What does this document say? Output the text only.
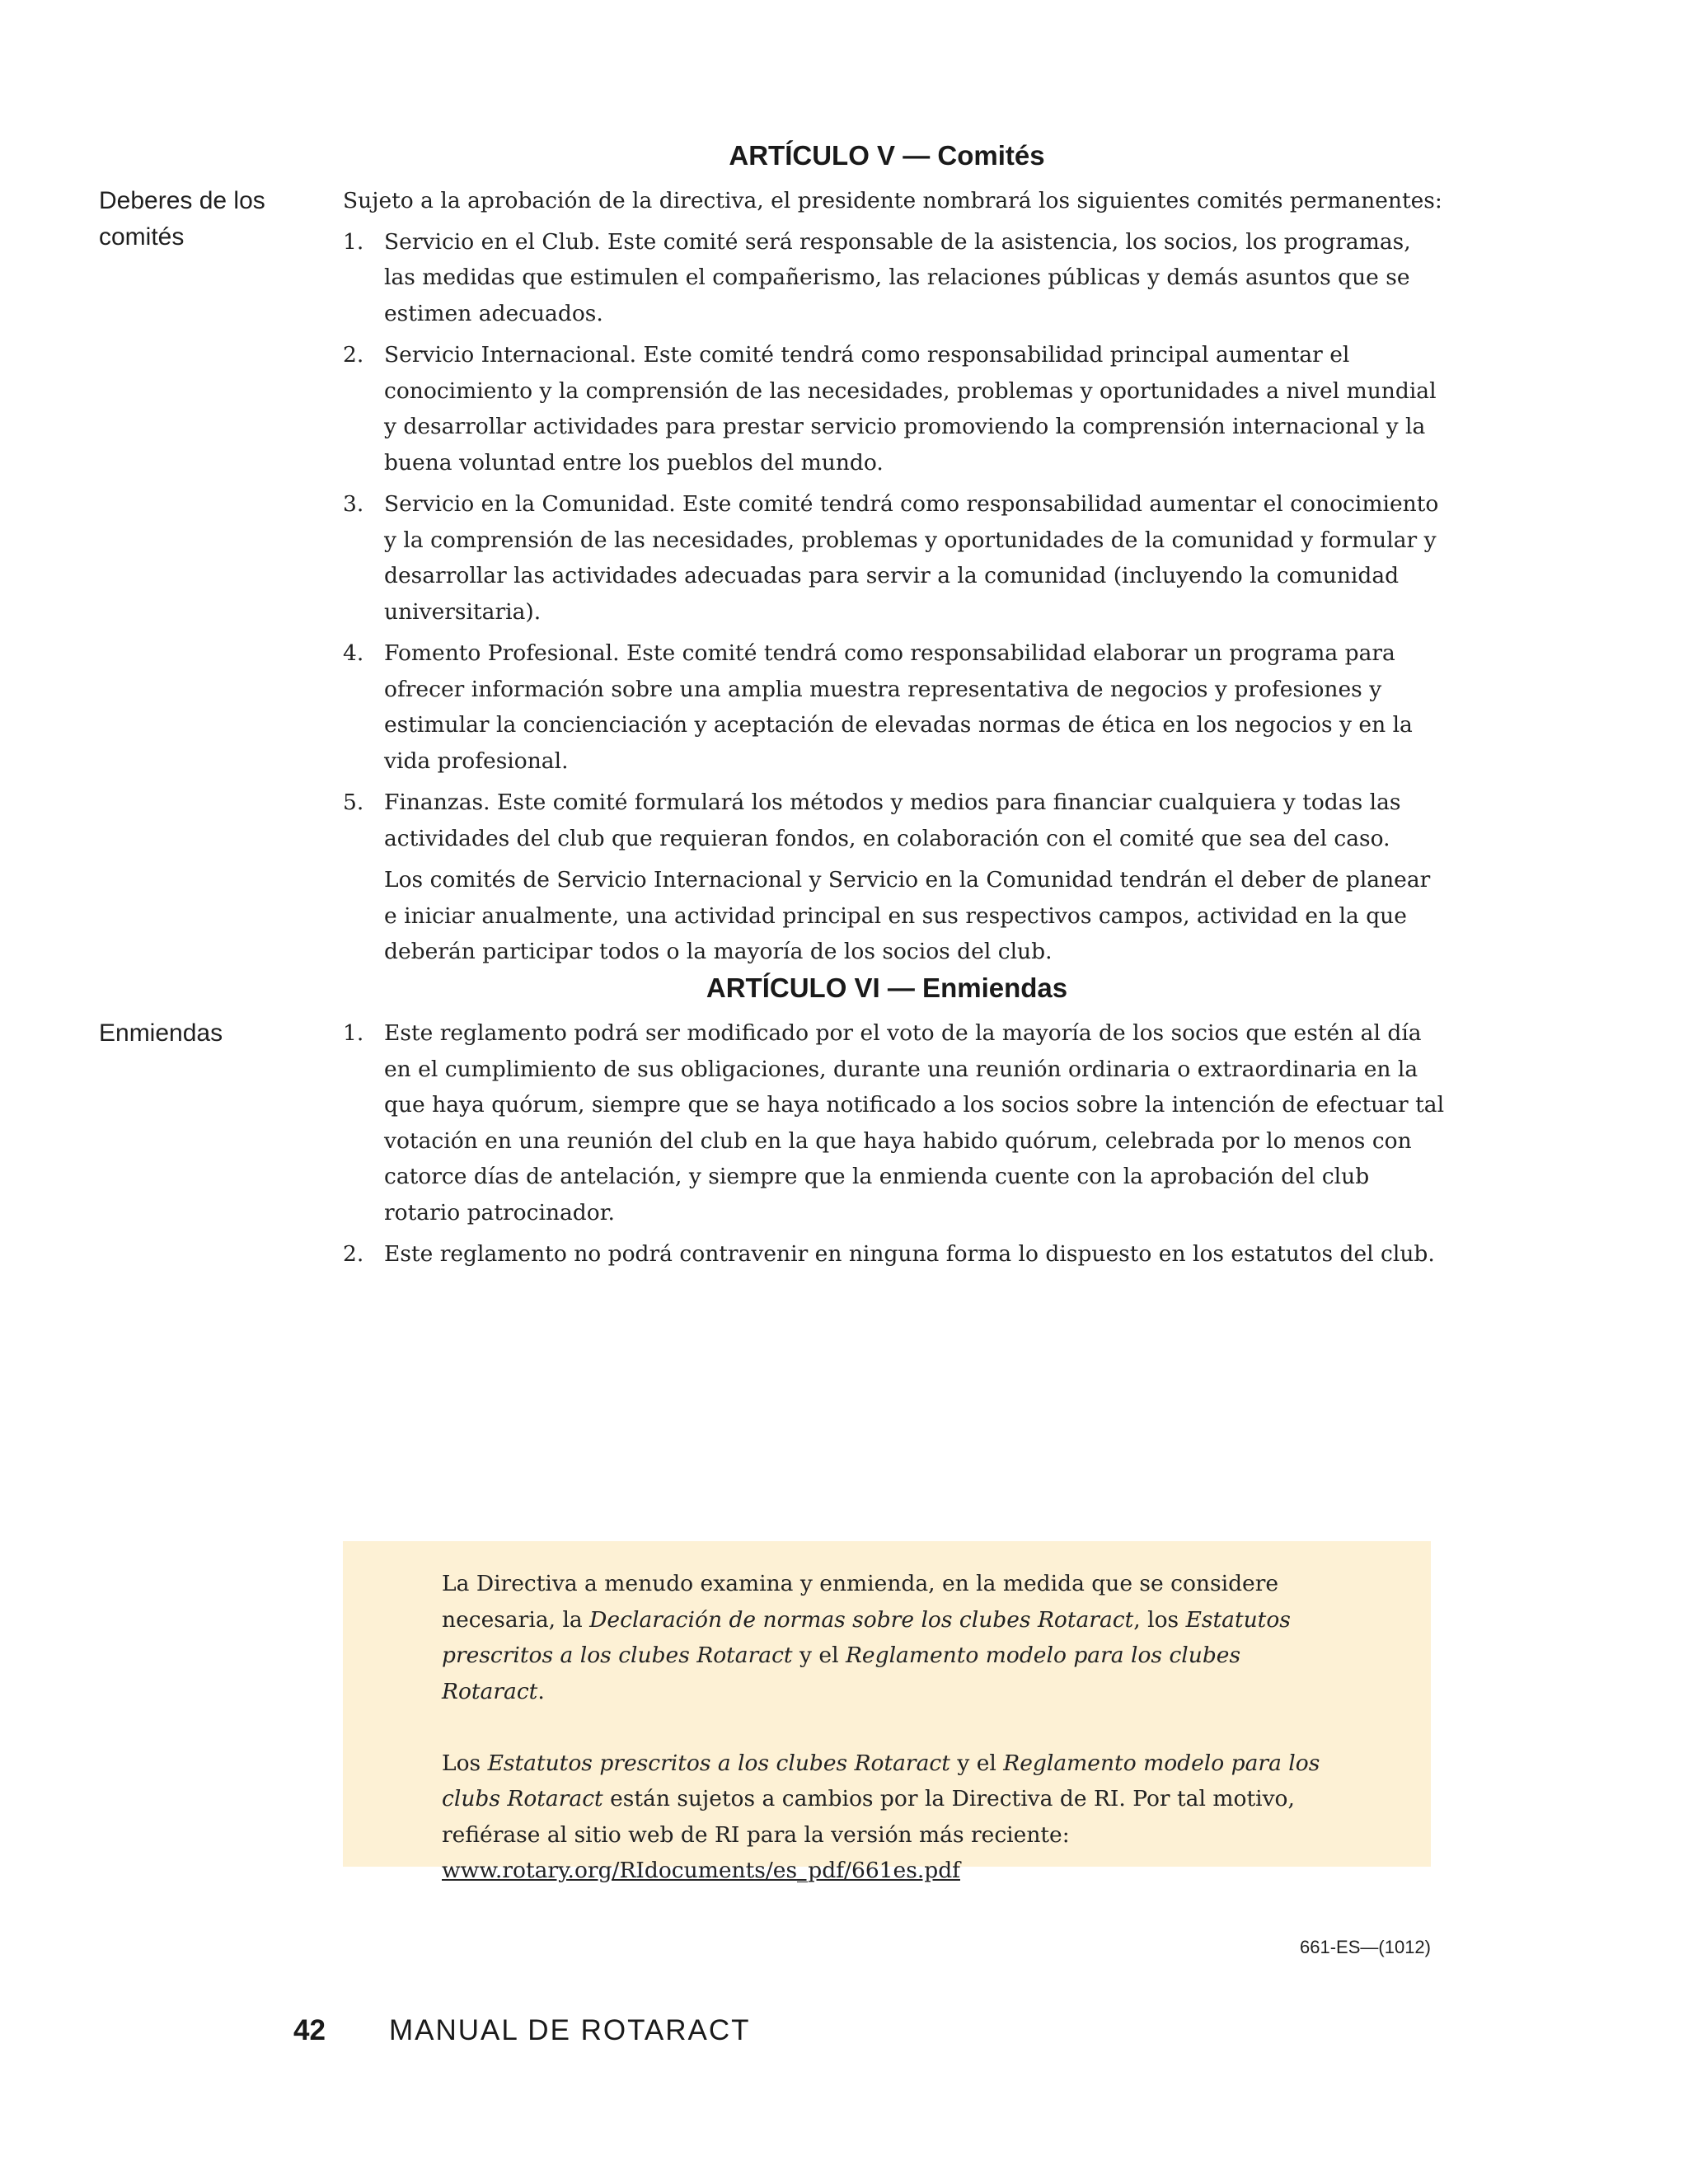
ARTÍCULO V — Comités
Deberes de los comités

Sujeto a la aprobación de la directiva, el presidente nombrará los siguientes comités permanentes:

1. Servicio en el Club. Este comité será responsable de la asistencia, los socios, los programas, las medidas que estimulen el compañerismo, las relaciones públicas y demás asuntos que se estimen adecuados.
2. Servicio Internacional. Este comité tendrá como responsabilidad principal aumentar el conocimiento y la comprensión de las necesidades, problemas y oportunidades a nivel mundial y desarrollar actividades para prestar servicio promoviendo la comprensión internacional y la buena voluntad entre los pueblos del mundo.
3. Servicio en la Comunidad. Este comité tendrá como responsabilidad aumentar el conocimiento y la comprensión de las necesidades, problemas y oportunidades de la comunidad y formular y desarrollar las actividades adecuadas para servir a la comunidad (incluyendo la comunidad universitaria).
4. Fomento Profesional. Este comité tendrá como responsabilidad elaborar un programa para ofrecer información sobre una amplia muestra representativa de negocios y profesiones y estimular la concienciación y aceptación de elevadas normas de ética en los negocios y en la vida profesional.
5. Finanzas. Este comité formulará los métodos y medios para financiar cualquiera y todas las actividades del club que requieran fondos, en colaboración con el comité que sea del caso.

Los comités de Servicio Internacional y Servicio en la Comunidad tendrán el deber de planear e iniciar anualmente, una actividad principal en sus respectivos campos, actividad en la que deberán participar todos o la mayoría de los socios del club.

ARTÍCULO VI — Enmiendas
Enmiendas	1. Este reglamento podrá ser modificado por el voto de la mayoría de los socios que estén al día en el cumplimiento de sus obligaciones, durante una reunión ordinaria o extraordinaria en la que haya quórum, siempre que se haya notificado a los socios sobre la intención de efectuar tal votación en una reunión del club en la que haya habido quórum, celebrada por lo menos con catorce días de antelación, y siempre que la enmienda cuente con la aprobación del club rotario patrocinador.
2. Este reglamento no podrá contravenir en ninguna forma lo dispuesto en los estatutos del club.

La Directiva a menudo examina y enmienda, en la medida que se considere necesaria, la Declaración de normas sobre los clubes Rotaract, los Estatutos prescritos a los clubes Rotaract y el Reglamento modelo para los clubes Rotaract.

Los Estatutos prescritos a los clubes Rotaract y el Reglamento modelo para los clubs Rotaract están sujetos a cambios por la Directiva de RI. Por tal motivo, refiérase al sitio web de RI para la versión más reciente:
www.rotary.org/RIdocuments/es_pdf/661es.pdf

661-ES—(1012)
42 MANUAL DE ROTARACT
